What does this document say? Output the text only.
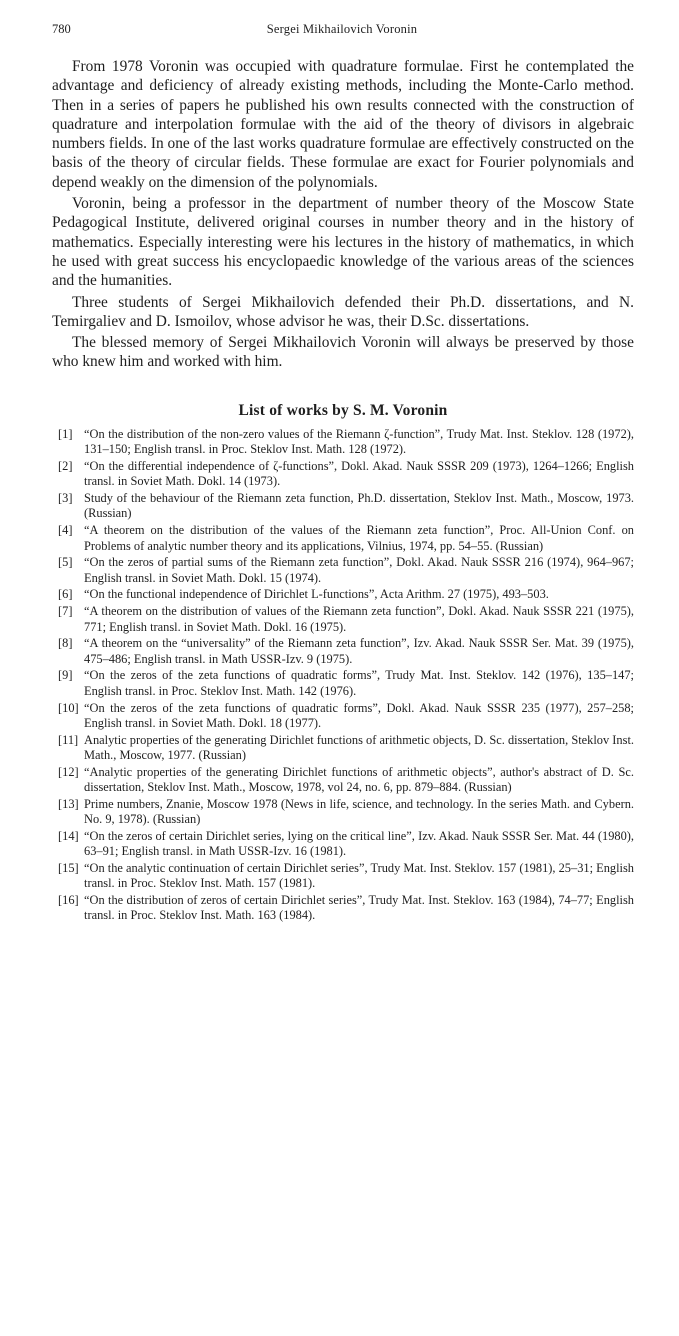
780	Sergei Mikhailovich Voronin

From 1978 Voronin was occupied with quadrature formulae. First he contemplated the advantage and deficiency of already existing methods, including the Monte-Carlo method. Then in a series of papers he published his own results connected with the construction of quadrature and interpolation formulae with the aid of the theory of divisors in algebraic numbers fields. In one of the last works quadrature formulae are effectively constructed on the basis of the theory of circular fields. These formulae are exact for Fourier polynomials and depend weakly on the dimension of the polynomials.

Voronin, being a professor in the department of number theory of the Moscow State Pedagogical Institute, delivered original courses in number theory and in the history of mathematics. Especially interesting were his lectures in the history of mathematics, in which he used with great success his encyclopaedic knowledge of the various areas of the sciences and the humanities.

Three students of Sergei Mikhailovich defended their Ph.D. dissertations, and N. Temirgaliev and D. Ismoilov, whose advisor he was, their D.Sc. dissertations.

The blessed memory of Sergei Mikhailovich Voronin will always be preserved by those who knew him and worked with him.

List of works by S. M. Voronin
[1] “On the distribution of the non-zero values of the Riemann ζ-function”, Trudy Mat. Inst. Steklov. 128 (1972), 131–150; English transl. in Proc. Steklov Inst. Math. 128 (1972).
[2] “On the differential independence of ζ-functions”, Dokl. Akad. Nauk SSSR 209 (1973), 1264–1266; English transl. in Soviet Math. Dokl. 14 (1973).
[3] Study of the behaviour of the Riemann zeta function, Ph.D. dissertation, Steklov Inst. Math., Moscow, 1973. (Russian)
[4] “A theorem on the distribution of the values of the Riemann zeta function”, Proc. All-Union Conf. on Problems of analytic number theory and its applications, Vilnius, 1974, pp. 54–55. (Russian)
[5] “On the zeros of partial sums of the Riemann zeta function”, Dokl. Akad. Nauk SSSR 216 (1974), 964–967; English transl. in Soviet Math. Dokl. 15 (1974).
[6] “On the functional independence of Dirichlet L-functions”, Acta Arithm. 27 (1975), 493–503.
[7] “A theorem on the distribution of values of the Riemann zeta function”, Dokl. Akad. Nauk SSSR 221 (1975), 771; English transl. in Soviet Math. Dokl. 16 (1975).
[8] “A theorem on the “universality” of the Riemann zeta function”, Izv. Akad. Nauk SSSR Ser. Mat. 39 (1975), 475–486; English transl. in Math USSR-Izv. 9 (1975).
[9] “On the zeros of the zeta functions of quadratic forms”, Trudy Mat. Inst. Steklov. 142 (1976), 135–147; English transl. in Proc. Steklov Inst. Math. 142 (1976).
[10] “On the zeros of the zeta functions of quadratic forms”, Dokl. Akad. Nauk SSSR 235 (1977), 257–258; English transl. in Soviet Math. Dokl. 18 (1977).
[11] Analytic properties of the generating Dirichlet functions of arithmetic objects, D. Sc. dissertation, Steklov Inst. Math., Moscow, 1977. (Russian)
[12] “Analytic properties of the generating Dirichlet functions of arithmetic objects”, author's abstract of D. Sc. dissertation, Steklov Inst. Math., Moscow, 1978, vol 24, no. 6, pp. 879–884. (Russian)
[13] Prime numbers, Znanie, Moscow 1978 (News in life, science, and technology. In the series Math. and Cybern. No. 9, 1978). (Russian)
[14] “On the zeros of certain Dirichlet series, lying on the critical line”, Izv. Akad. Nauk SSSR Ser. Mat. 44 (1980), 63–91; English transl. in Math USSR-Izv. 16 (1981).
[15] “On the analytic continuation of certain Dirichlet series”, Trudy Mat. Inst. Steklov. 157 (1981), 25–31; English transl. in Proc. Steklov Inst. Math. 157 (1981).
[16] “On the distribution of zeros of certain Dirichlet series”, Trudy Mat. Inst. Steklov. 163 (1984), 74–77; English transl. in Proc. Steklov Inst. Math. 163 (1984).
